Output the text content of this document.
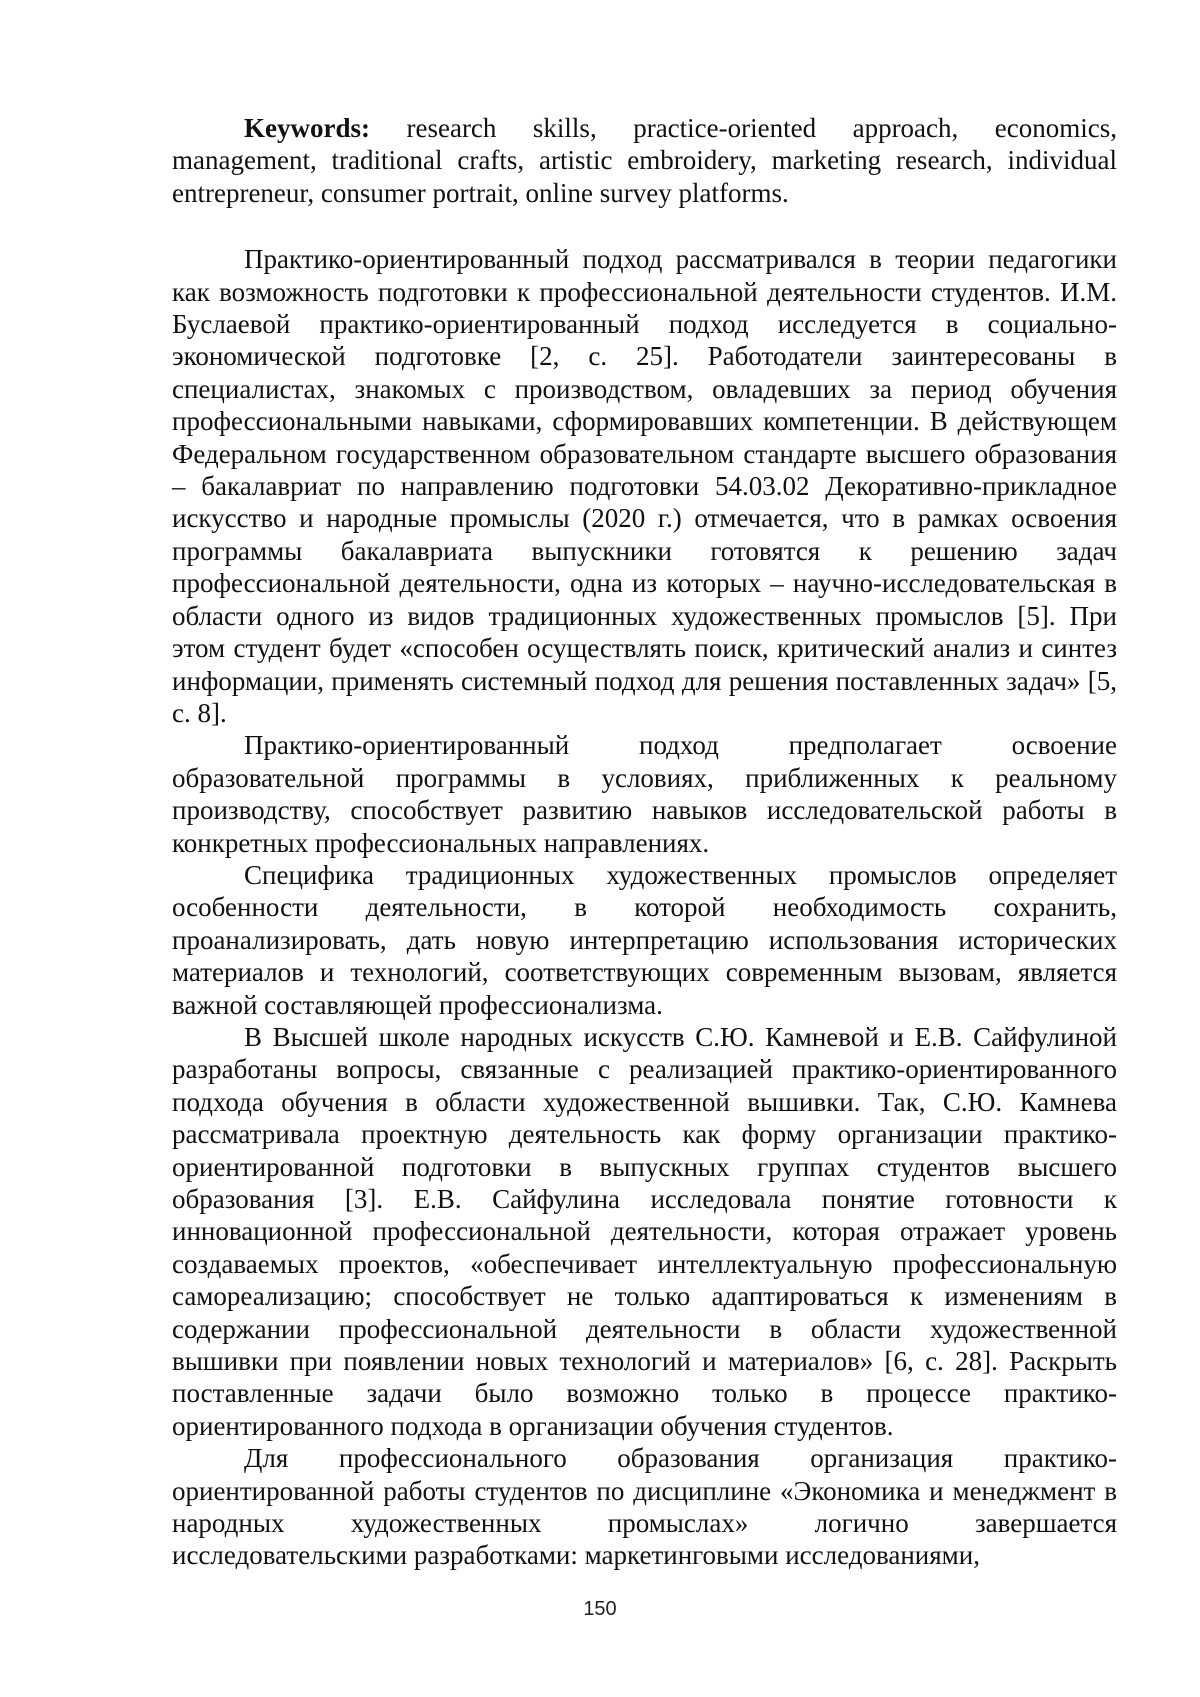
Keywords: research skills, practice-oriented approach, economics, management, traditional crafts, artistic embroidery, marketing research, individual entrepreneur, consumer portrait, online survey platforms.

Практико-ориентированный подход рассматривался в теории педагогики как возможность подготовки к профессиональной деятельности студентов. И.М. Буслаевой практико-ориентированный подход исследуется в социально-экономической подготовке [2, с. 25]. Работодатели заинтересованы в специалистах, знакомых с производством, овладевших за период обучения профессиональными навыками, сформировавших компетенции. В действующем Федеральном государственном образовательном стандарте высшего образования – бакалавриат по направлению подготовки 54.03.02 Декоративно-прикладное искусство и народные промыслы (2020 г.) отмечается, что в рамках освоения программы бакалавриата выпускники готовятся к решению задач профессиональной деятельности, одна из которых – научно-исследовательская в области одного из видов традиционных художественных промыслов [5]. При этом студент будет «способен осуществлять поиск, критический анализ и синтез информации, применять системный подход для решения поставленных задач» [5, с. 8].

Практико-ориентированный подход предполагает освоение образовательной программы в условиях, приближенных к реальному производству, способствует развитию навыков исследовательской работы в конкретных профессиональных направлениях.

Специфика традиционных художественных промыслов определяет особенности деятельности, в которой необходимость сохранить, проанализировать, дать новую интерпретацию использования исторических материалов и технологий, соответствующих современным вызовам, является важной составляющей профессионализма.

В Высшей школе народных искусств С.Ю. Камневой и Е.В. Сайфулиной разработаны вопросы, связанные с реализацией практико-ориентированного подхода обучения в области художественной вышивки. Так, С.Ю. Камнева рассматривала проектную деятельность как форму организации практико-ориентированной подготовки в выпускных группах студентов высшего образования [3]. Е.В. Сайфулина исследовала понятие готовности к инновационной профессиональной деятельности, которая отражает уровень создаваемых проектов, «обеспечивает интеллектуальную профессиональную самореализацию; способствует не только адаптироваться к изменениям в содержании профессиональной деятельности в области художественной вышивки при появлении новых технологий и материалов» [6, с. 28]. Раскрыть поставленные задачи было возможно только в процессе практико-ориентированного подхода в организации обучения студентов.

Для профессионального образования организация практико-ориентированной работы студентов по дисциплине «Экономика и менеджмент в народных художественных промыслах» логично завершается исследовательскими разработками: маркетинговыми исследованиями,

150
